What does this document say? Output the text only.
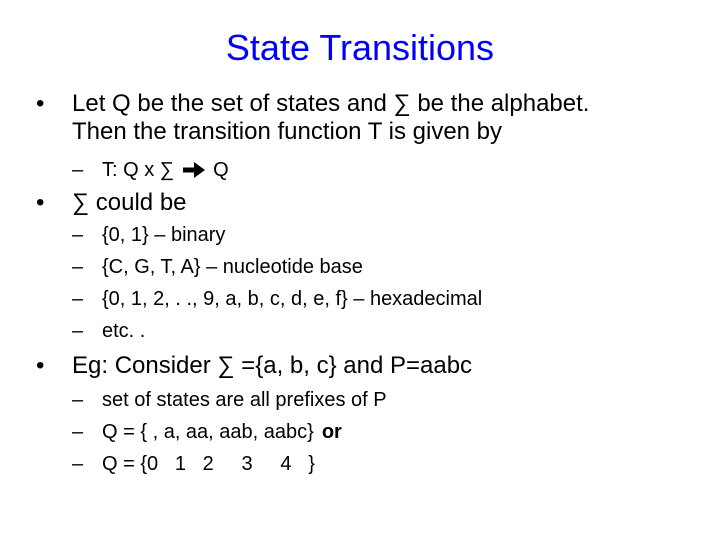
State Transitions
• Let Q be the set of states and ∑ be the alphabet.
Then the transition function T is given by
– T: Q x ∑ Q
• ∑ could be
– {0, 1} – binary
– {C, G, T, A} – nucleotide base
– {0, 1, 2, . ., 9, a, b, c, d, e, f} – hexadecimal
– etc. .
• Eg: Consider ∑ ={a, b, c} and P=aabc
– set of states are all prefixes of P
– Q = { , a, aa, aab, aabc} or
– Q = {0   1   2     3     4   }
